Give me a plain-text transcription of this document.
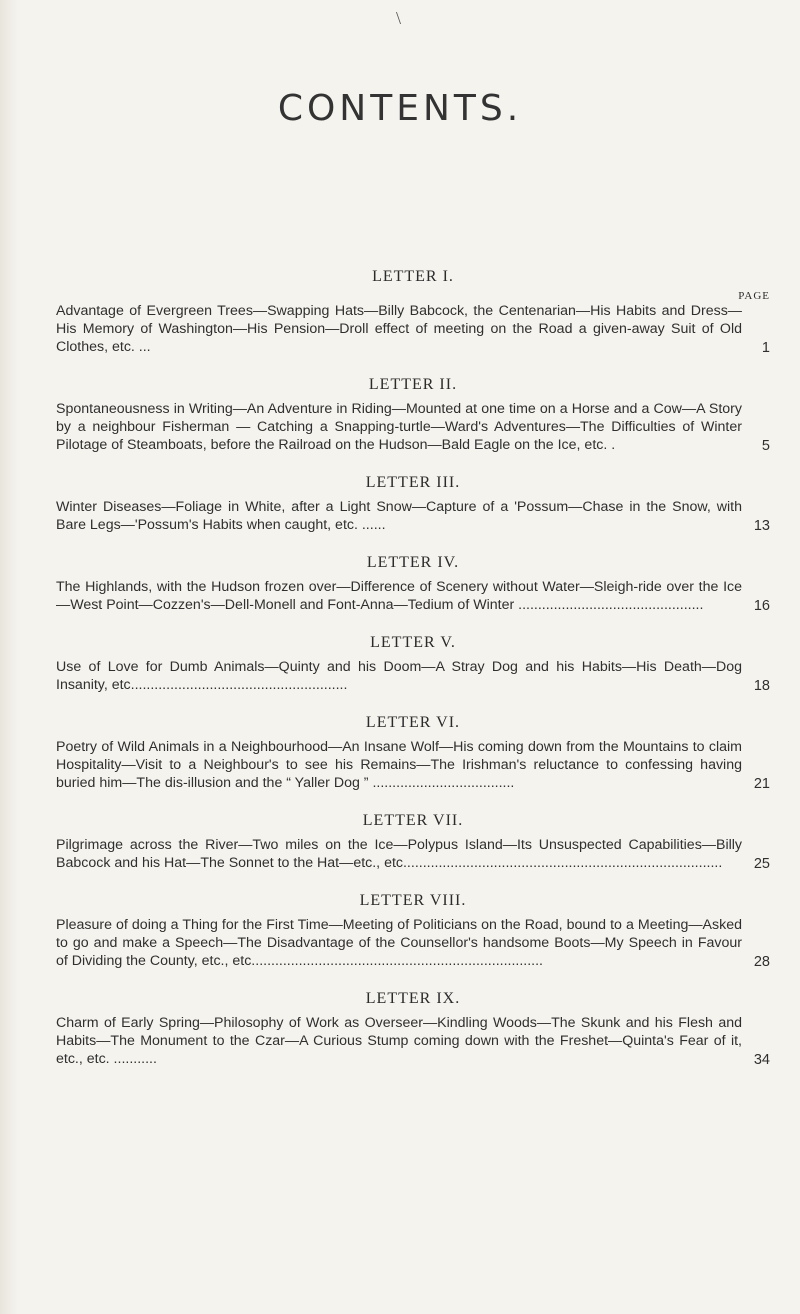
\
CONTENTS.

LETTER I.

PAGE
Advantage of Evergreen Trees—Swapping Hats—Billy Babcock, the Centenarian—His Habits and Dress—His Memory of Washington—His Pension—Droll effect of meeting on the Road a given-away Suit of Old Clothes, etc. ...	1

LETTER II.

Spontaneousness in Writing—An Adventure in Riding—Mounted at one time on a Horse and a Cow—A Story by a neighbour Fisherman — Catching a Snapping-turtle—Ward's Adventures—The Difficulties of Winter Pilotage of Steamboats, before the Railroad on the Hudson—Bald Eagle on the Ice, etc. .	5

LETTER III.

Winter Diseases—Foliage in White, after a Light Snow—Capture of a 'Possum—Chase in the Snow, with Bare Legs—'Possum's Habits when caught, etc. ......	13

LETTER IV.

The Highlands, with the Hudson frozen over—Difference of Scenery without Water—Sleigh-ride over the Ice—West Point—Cozzen's—Dell-Monell and Font-Anna—Tedium of Winter ...............................................	16

LETTER V.

Use of Love for Dumb Animals—Quinty and his Doom—A Stray Dog and his Habits—His Death—Dog Insanity, etc.......................................................	18

LETTER VI.

Poetry of Wild Animals in a Neighbourhood—An Insane Wolf—His coming down from the Mountains to claim Hospitality—Visit to a Neighbour's to see his Remains—The Irishman's reluctance to confessing having buried him—The dis-illusion and the “ Yaller Dog ” ....................................	21

LETTER VII.

Pilgrimage across the River—Two miles on the Ice—Polypus Island—Its Unsuspected Capabilities—Billy Babcock and his Hat—The Sonnet to the Hat—etc., etc.................................................................................	25

LETTER VIII.

Pleasure of doing a Thing for the First Time—Meeting of Politicians on the Road, bound to a Meeting—Asked to go and make a Speech—The Disadvantage of the Counsellor's handsome Boots—My Speech in Favour of Dividing the County, etc., etc..........................................................................	28

LETTER IX.

Charm of Early Spring—Philosophy of Work as Overseer—Kindling Woods—The Skunk and his Flesh and Habits—The Monument to the Czar—A Curious Stump coming down with the Freshet—Quinta's Fear of it, etc., etc. ...........	34
